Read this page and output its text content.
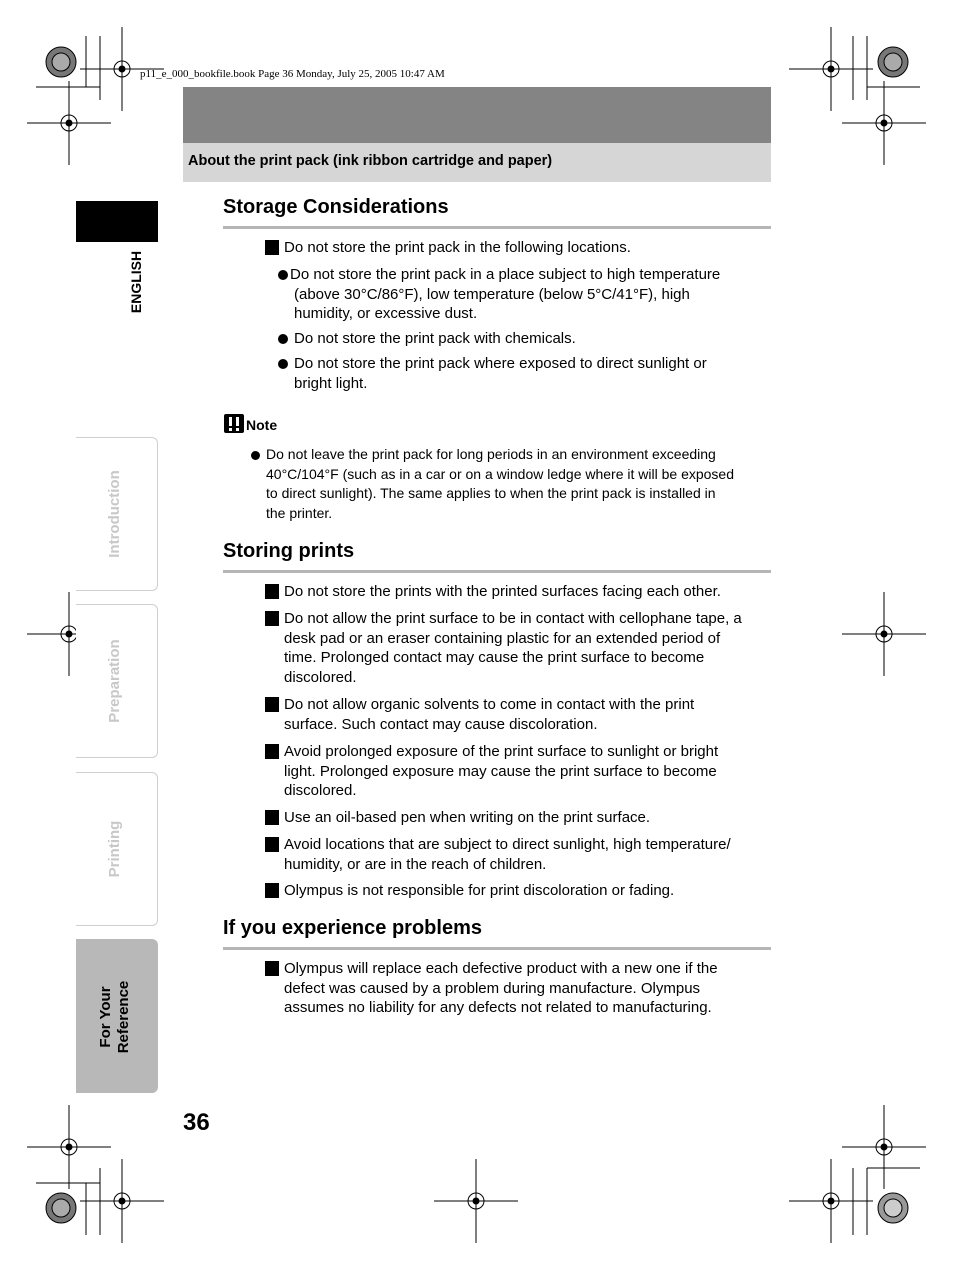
p11_e_000_bookfile.book Page 36 Monday, July 25, 2005 10:47 AM
About the print pack (ink ribbon cartridge and paper)
ENGLISH
Introduction
Preparation
Printing
For Your Reference
Storage Considerations
Do not store the print pack in the following locations.
Do not store the print pack in a place subject to high temperature
(above 30°C/86°F), low temperature (below 5°C/41°F), high
humidity, or excessive dust.
Do not store the print pack with chemicals.
Do not store the print pack where exposed to direct sunlight or
bright light.
Note
Do not leave the print pack for long periods in an environment exceeding
40°C/104°F (such as in a car or on a window ledge where it will be exposed
to direct sunlight). The same applies to when the print pack is installed in
the printer.
Storing prints
Do not store the prints with the printed surfaces facing each other.
Do not allow the print surface to be in contact with cellophane tape, a
desk pad or an eraser containing plastic for an extended period of
time. Prolonged contact may cause the print surface to become
discolored.
Do not allow organic solvents to come in contact with the print
surface. Such contact may cause discoloration.
Avoid prolonged exposure of the print surface to sunlight or bright
light. Prolonged exposure may cause the print surface to become
discolored.
Use an oil-based pen when writing on the print surface.
Avoid locations that are subject to direct sunlight, high temperature/
humidity, or are in the reach of children.
Olympus is not responsible for print discoloration or fading.
If you experience problems
Olympus will replace each defective product with a new one if the
defect was caused by a problem during manufacture. Olympus
assumes no liability for any defects not related to manufacturing.
36
